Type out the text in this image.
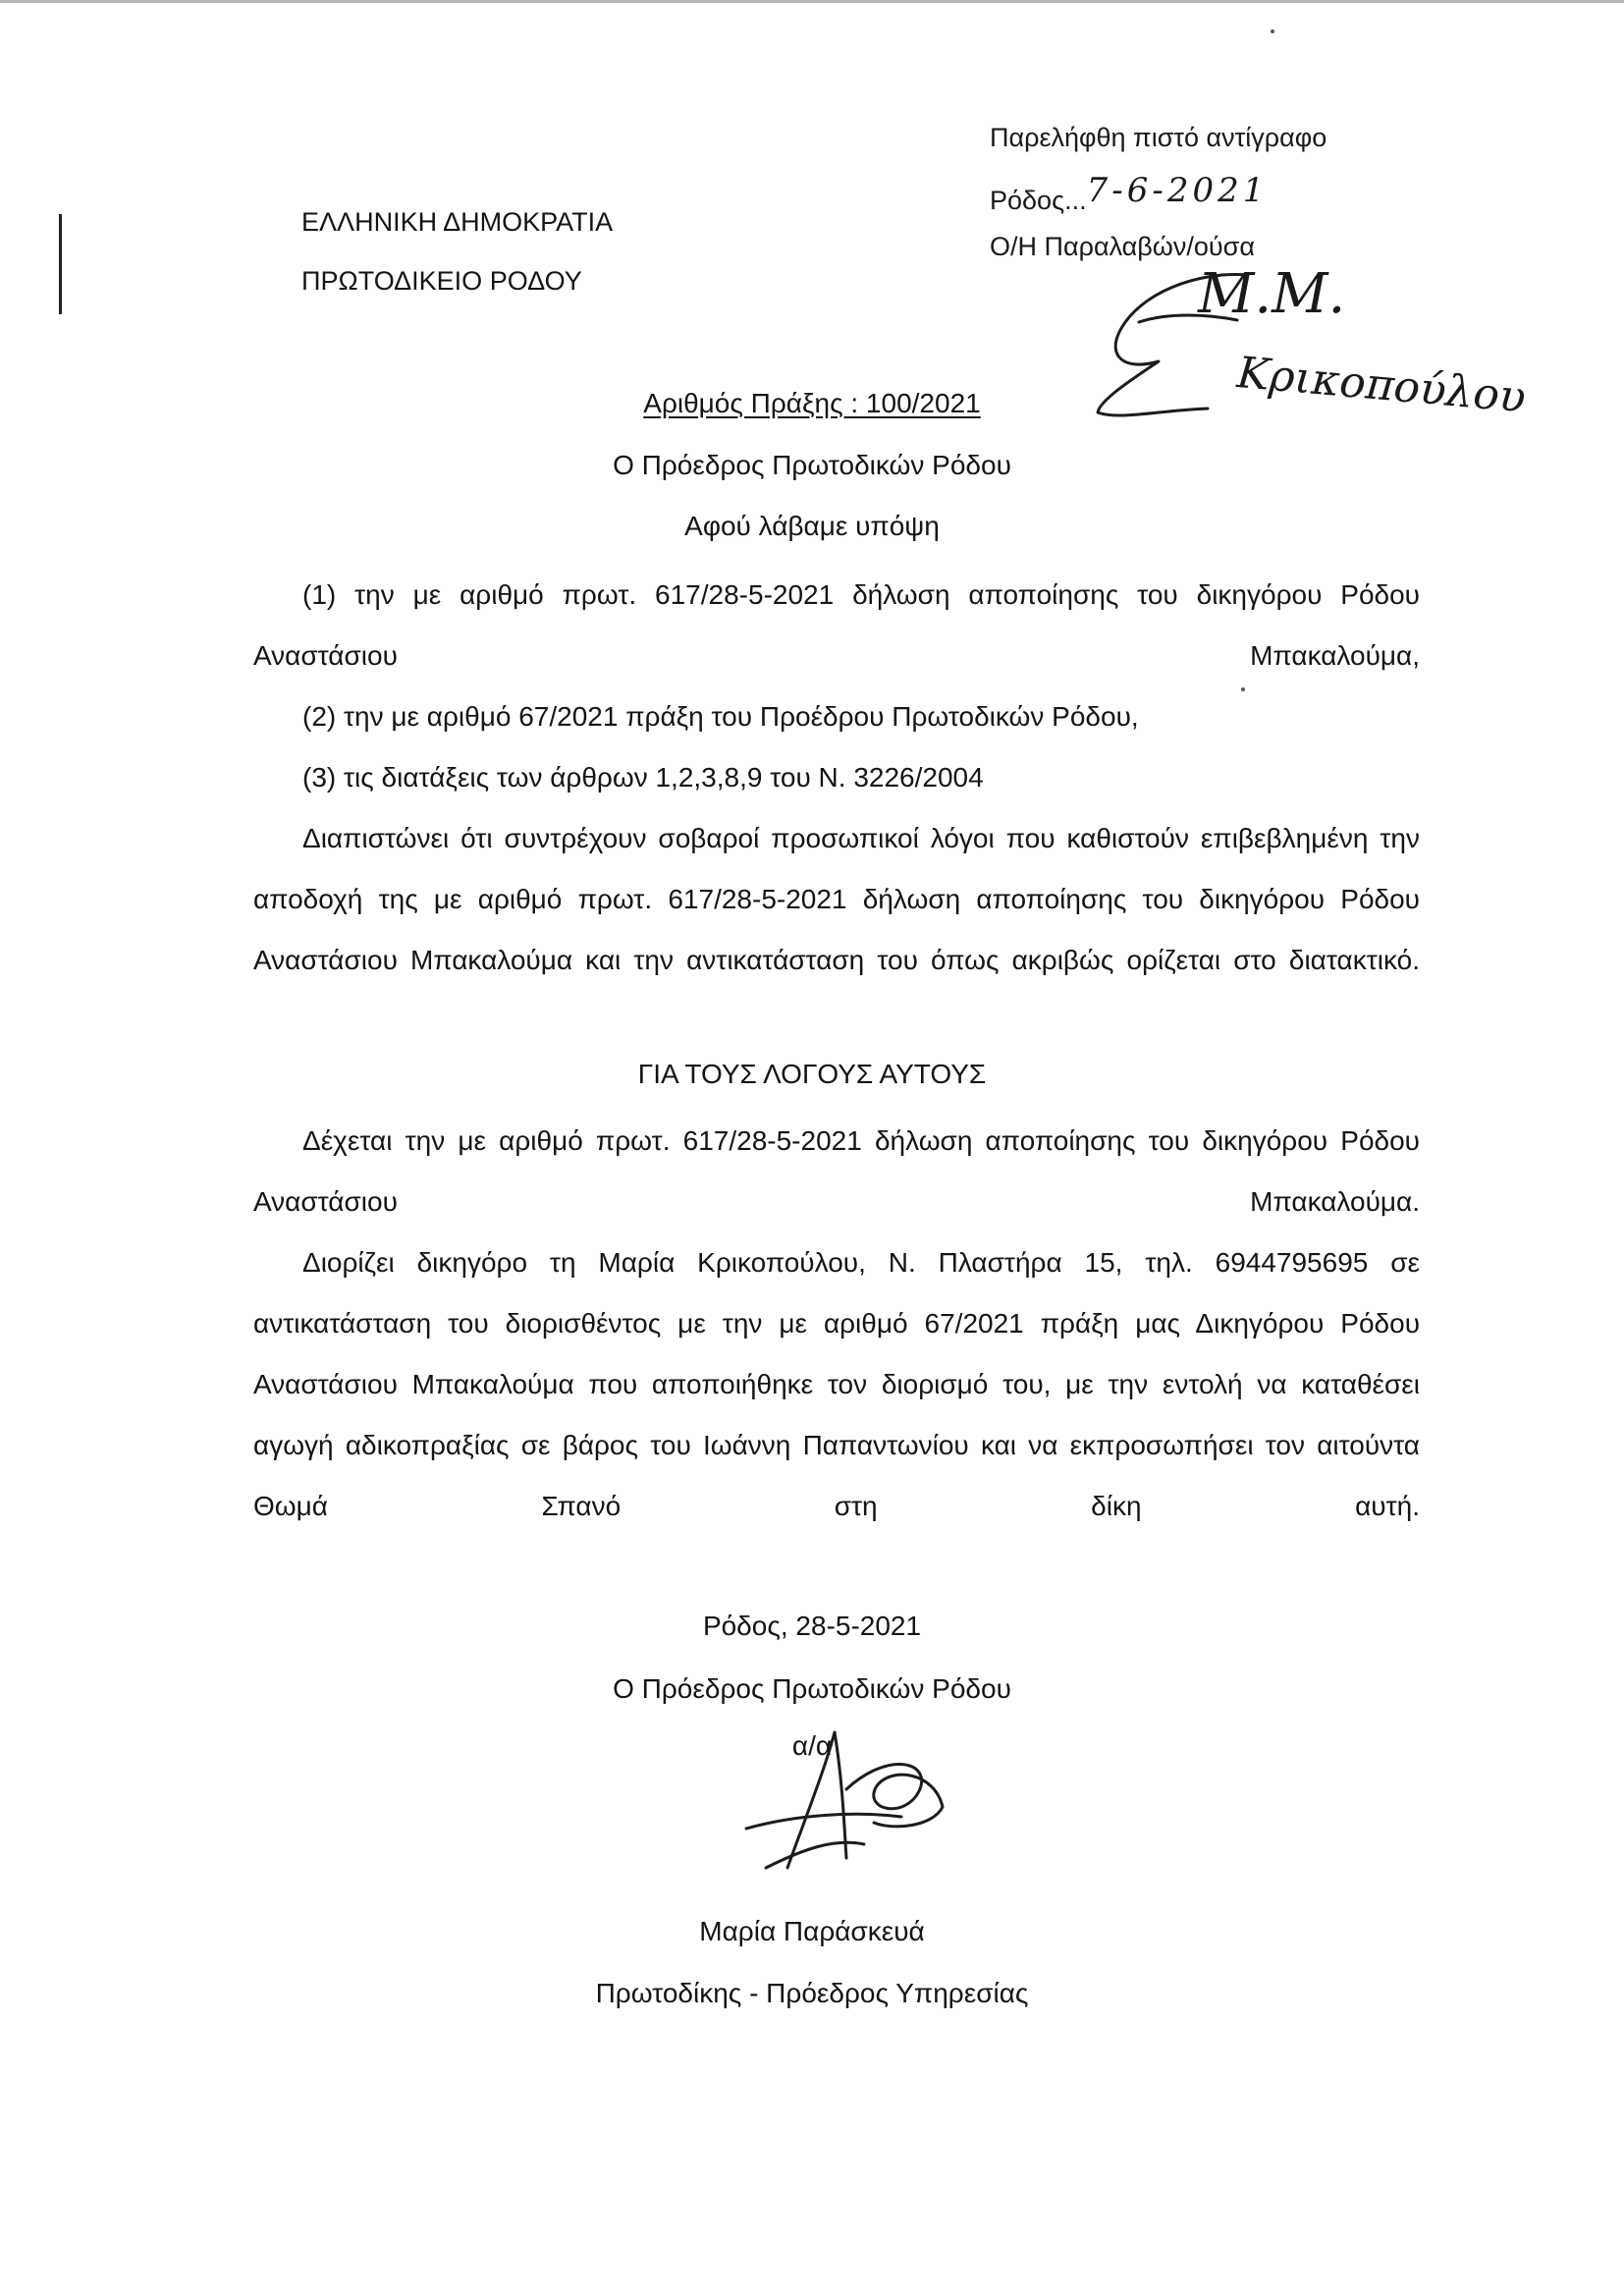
ΕΛΛΗΝΙΚΗ ΔΗΜΟΚΡΑΤΙΑ
ΠΡΩΤΟΔΙΚΕΙΟ ΡΟΔΟΥ
Παρελήφθη πιστό αντίγραφο
Ρόδος...7-6-2021
Ο/Η Παραλαβών/ούσα
Μ.Μ.
Κρικοπούλου
Αριθμός Πράξης : 100/2021
Ο Πρόεδρος Πρωτοδικών Ρόδου
Αφού λάβαμε υπόψη

(1) την με αριθμό πρωτ. 617/28-5-2021 δήλωση αποποίησης του δικηγόρου Ρόδου Αναστάσιου Μπακαλούμα,

(2) την με αριθμό 67/2021 πράξη του Προέδρου Πρωτοδικών Ρόδου,

(3) τις διατάξεις των άρθρων 1,2,3,8,9 του Ν. 3226/2004

Διαπιστώνει ότι συντρέχουν σοβαροί προσωπικοί λόγοι που καθιστούν επιβεβλημένη την αποδοχή της με αριθμό πρωτ. 617/28-5-2021 δήλωση αποποίησης του δικηγόρου Ρόδου Αναστάσιου Μπακαλούμα και την αντικατάσταση του όπως ακριβώς ορίζεται στο διατακτικό.

ΓΙΑ ΤΟΥΣ ΛΟΓΟΥΣ ΑΥΤΟΥΣ

Δέχεται την με αριθμό πρωτ. 617/28-5-2021 δήλωση αποποίησης του δικηγόρου Ρόδου Αναστάσιου Μπακαλούμα.

Διορίζει δικηγόρο τη Μαρία Κρικοπούλου, Ν. Πλαστήρα 15, τηλ. 6944795695 σε αντικατάσταση του διορισθέντος με την με αριθμό 67/2021 πράξη μας Δικηγόρου Ρόδου Αναστάσιου Μπακαλούμα που αποποιήθηκε τον διορισμό του, με την εντολή να καταθέσει αγωγή αδικοπραξίας σε βάρος του Ιωάννη Παπαντωνίου και να εκπροσωπήσει τον αιτούντα Θωμά Σπανό στη δίκη αυτή.

Ρόδος, 28-5-2021
Ο Πρόεδρος Πρωτοδικών Ρόδου
α/α
Μαρία Παράσκευά
Πρωτοδίκης - Πρόεδρος Υπηρεσίας
